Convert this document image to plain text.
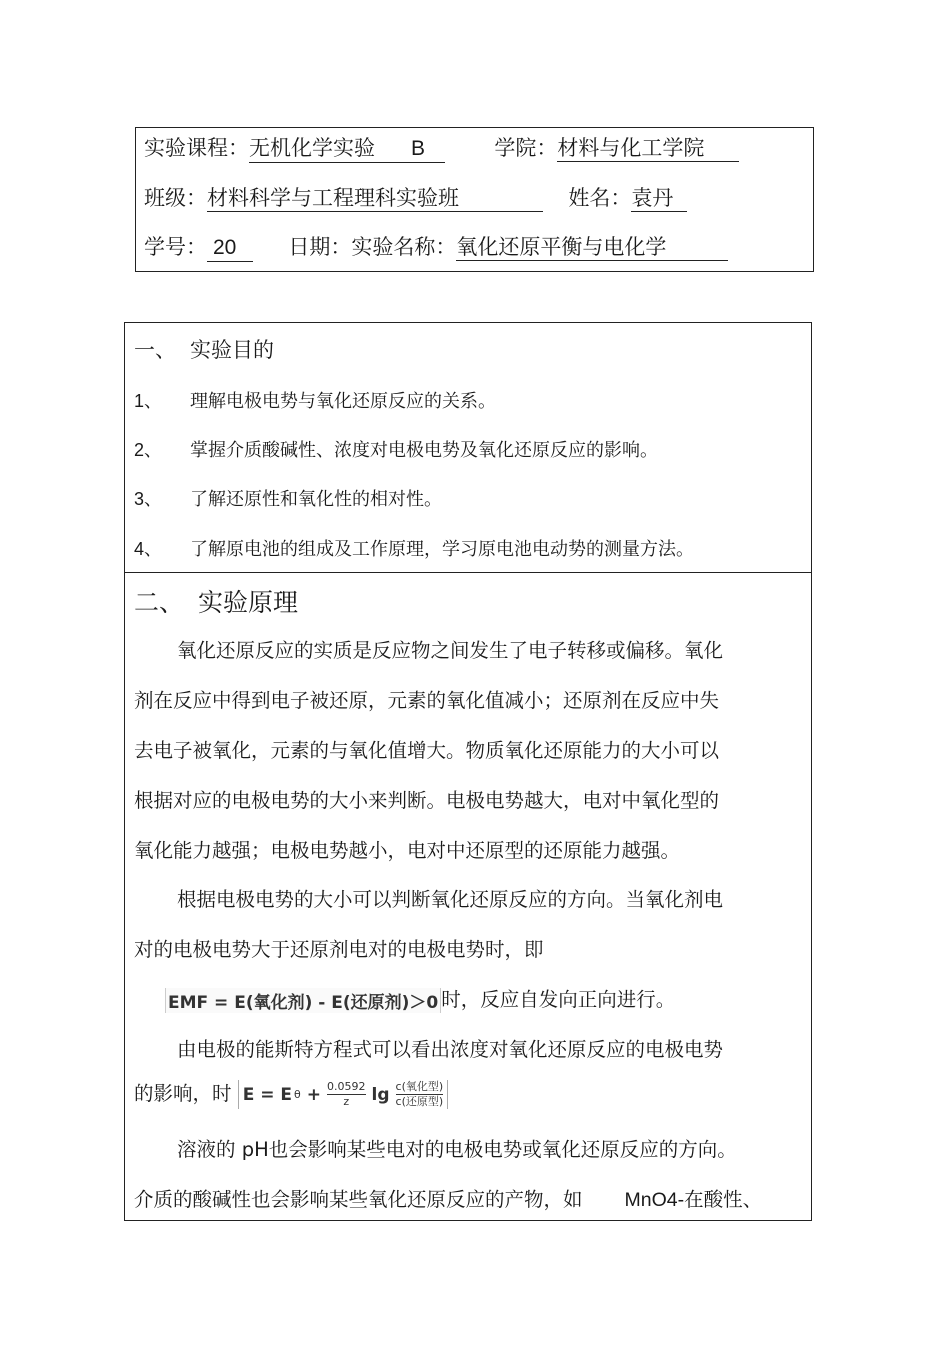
实验课程：无机化学实验 B	学院：材料与化工学院
班级：材料科学与工程理科实验班	姓名：袁丹
学号： 20 日期：实验名称：氧化还原平衡与电化学
一、 实验目的
1、 理解电极电势与氧化还原反应的关系。
2、 掌握介质酸碱性、浓度对电极电势及氧化还原反应的影响。
3、 了解还原性和氧化性的相对性。
4、 了解原电池的组成及工作原理，学习原电池电动势的测量方法。
二、 实验原理
氧化还原反应的实质是反应物之间发生了电子转移或偏移。氧化
剂在反应中得到电子被还原，元素的氧化值减小；还原剂在反应中失
去电子被氧化，元素的与氧化值增大。物质氧化还原能力的大小可以
根据对应的电极电势的大小来判断。电极电势越大，电对中氧化型的
氧化能力越强；电极电势越小，电对中还原型的还原能力越强。
根据电极电势的大小可以判断氧化还原反应的方向。当氧化剂电
对的电极电势大于还原剂电对的电极电势时，即
EMF = E(氧化剂) - E(还原剂)＞0 时，反应自发向正向进行。
由电极的能斯特方程式可以看出浓度对氧化还原反应的电极电势
的影响，时 E = E $\theta + \frac{0.0592}{z}$ $\lg \frac{\text{c(氧化型)}}{\text{c(还原型)}}$
溶液的 pH也会影响某些电对的电极电势或氧化还原反应的方向。
介质的酸碱性也会影响某些氧化还原反应的产物，如 MnO4-在酸性、
